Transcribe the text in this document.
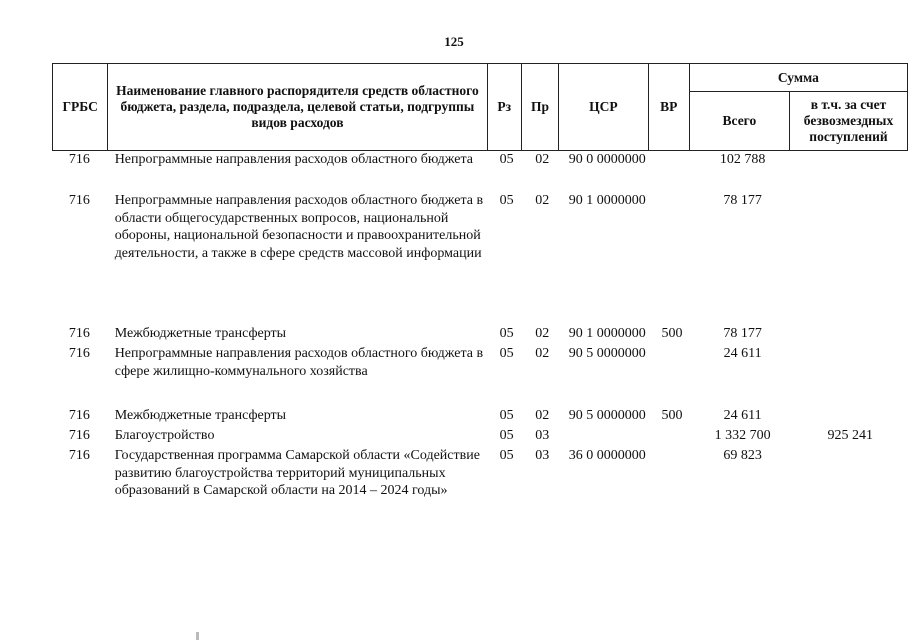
125
ГРБС	Наименование главного распорядителя средств областного бюджета, раздела, подраздела, целевой статьи, подгруппы видов расходов	Рз	Пр	ЦСР	ВР	Сумма	
						Всего	в т.ч. за счет безвозмездных поступлений
716	Непрограммные направления расходов областного бюджета	05	02	90 0 0000000		102 788	
716	Непрограммные направления расходов областного бюджета в области общегосударственных вопросов, национальной обороны, национальной безопасности и правоохранительной деятельности, а также в сфере средств массовой информации	05	02	90 1 0000000		78 177	
716	Межбюджетные трансферты	05	02	90 1 0000000	500	78 177	
716	Непрограммные направления расходов областного бюджета в сфере жилищно-коммунального хозяйства	05	02	90 5 0000000		24 611	
716	Межбюджетные трансферты	05	02	90 5 0000000	500	24 611	
716	Благоустройство	05	03			1 332 700	925 241
716	Государственная программа Самарской области «Содействие развитию благоустройства территорий муниципальных образований в Самарской области на 2014 – 2024 годы»	05	03	36 0 0000000		69 823	
